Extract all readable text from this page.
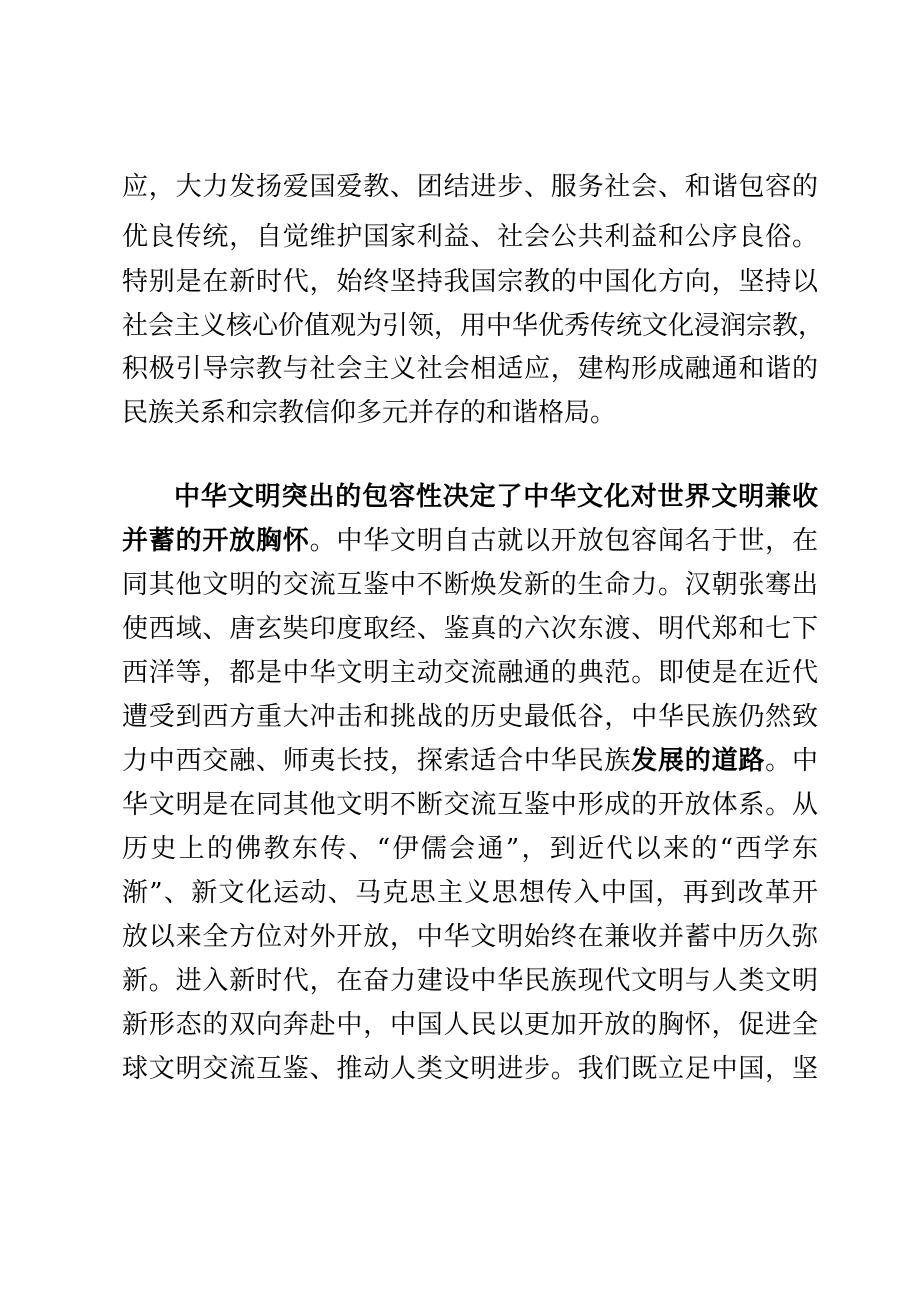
应，大力发扬爱国爱教、团结进步、服务社会、和谐包容的
优良传统，自觉维护国家利益、社会公共利益和公序良俗。
特别是在新时代，始终坚持我国宗教的中国化方向，坚持以
社会主义核心价值观为引领，用中华优秀传统文化浸润宗教，
积极引导宗教与社会主义社会相适应，建构形成融通和谐的
民族关系和宗教信仰多元并存的和谐格局。
中华文明突出的包容性决定了中华文化对世界文明兼收
并蓄的开放胸怀。中华文明自古就以开放包容闻名于世，在
同其他文明的交流互鉴中不断焕发新的生命力。汉朝张骞出
使西域、唐玄奘印度取经、鉴真的六次东渡、明代郑和七下
西洋等，都是中华文明主动交流融通的典范。即使是在近代
遭受到西方重大冲击和挑战的历史最低谷，中华民族仍然致
力中西交融、师夷长技，探索适合中华民族发展的道路。中
华文明是在同其他文明不断交流互鉴中形成的开放体系。从
历史上的佛教东传、“伊儒会通”，到近代以来的“西学东
渐”、新文化运动、马克思主义思想传入中国，再到改革开
放以来全方位对外开放，中华文明始终在兼收并蓄中历久弥
新。进入新时代，在奋力建设中华民族现代文明与人类文明
新形态的双向奔赴中，中国人民以更加开放的胸怀，促进全
球文明交流互鉴、推动人类文明进步。我们既立足中国，坚
